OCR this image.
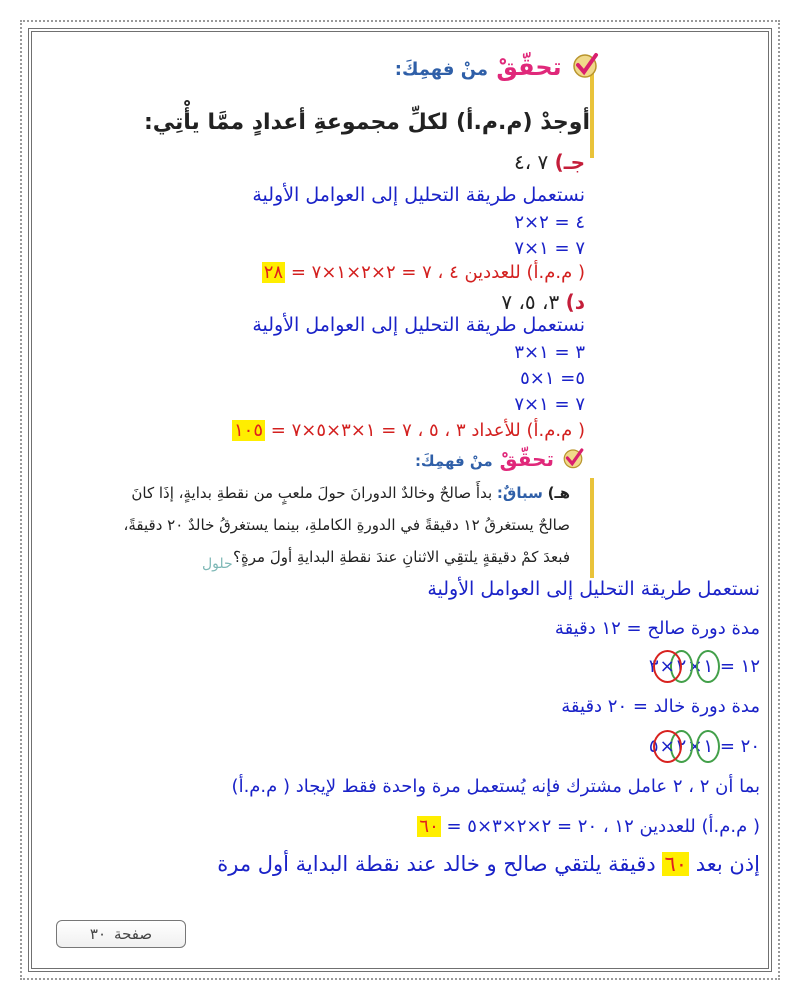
تحقّقْ منْ فهمِكَ:
أوجدْ (م.م.أ) لكلِّ مجموعةِ أعدادٍ ممَّا يأْتِي:
جـ) ٧ ،٤
نستعمل طريقة التحليل إلى العوامل الأولية
٤ = ٢×٢
٧ = ١×٧
( م.م.أ) للعددين ٤ ، ٧ = ٢×٢×١×٧ = ٢٨
د) ٣، ٥، ٧
نستعمل طريقة التحليل إلى العوامل الأولية
٣ = ١×٣
٥= ١×٥
٧ = ١×٧
( م.م.أ) للأعداد ٣ ، ٥ ، ٧ = ١×٣×٥×٧ = ١٠٥
تحقّقْ منْ فهمِكَ:
هـ) سباقٌ: بدأَ صالحٌ وخالدٌ الدورانَ حولَ ملعبٍ من نقطةِ بدايةٍ، إذَا كانَ
صالحٌ يستغرقُ ١٢ دقيقةً في الدورةِ الكاملةِ، بينما يستغرقُ خالدٌ ٢٠ دقيقةً،
فبعدَ كمْ دقيقةٍ يلتقِي الاثنانِ عندَ نقطةِ البدايةِ أولَ مرةٍ؟
حلول
نستعمل طريقة التحليل إلى العوامل الأولية
مدة دورة صالح = ١٢ دقيقة
١٢ = ١×٢×٣
مدة دورة خالد = ٢٠ دقيقة
٢٠ = ١×٢×٥
بما أن ٢ ، ٢ عامل مشترك فإنه يُستعمل مرة واحدة فقط لإيجاد ( م.م.أ)
( م.م.أ) للعددين ١٢ ، ٢٠ = ٢×٢×٣×٥ = ٦٠
إذن بعد ٦٠ دقيقة يلتقي صالح و خالد عند نقطة البداية أول مرة
صفحة
٣٠
